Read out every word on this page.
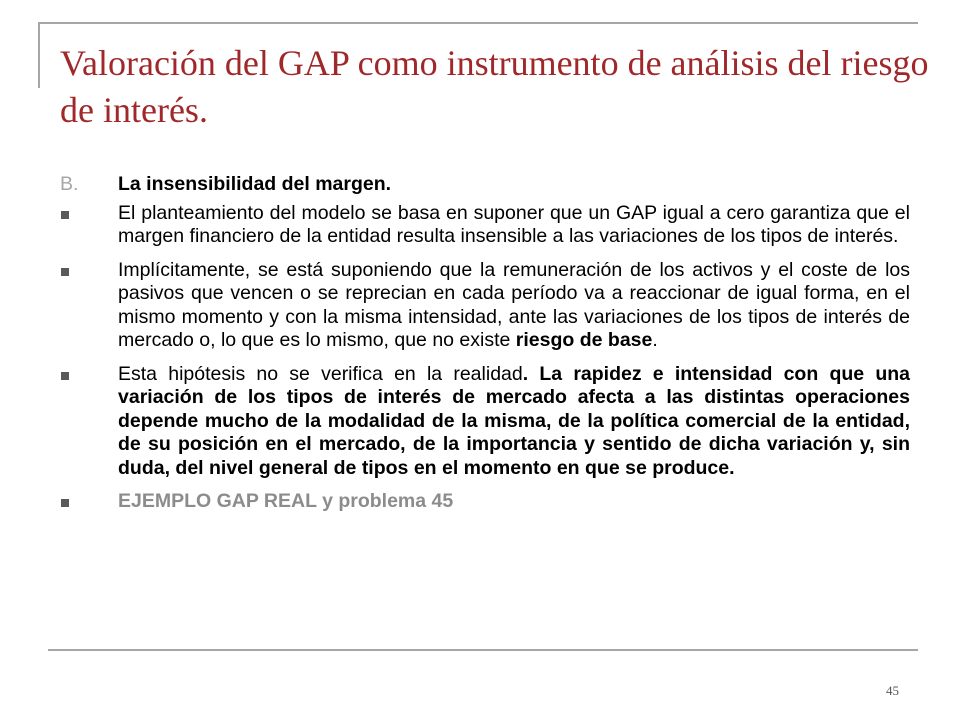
Valoración del GAP como instrumento de análisis del riesgo de interés.
B. La insensibilidad del margen.
El planteamiento del modelo se basa en suponer que un GAP igual a cero garantiza que el margen financiero de la entidad resulta insensible a las variaciones de los tipos de interés.
Implícitamente, se está suponiendo que la remuneración de los activos y el coste de los pasivos que vencen o se reprecian en cada período va a reaccionar de igual forma, en el mismo momento y con la misma intensidad, ante las variaciones de los tipos de interés de mercado o, lo que es lo mismo, que no existe riesgo de base.
Esta hipótesis no se verifica en la realidad. La rapidez e intensidad con que una variación de los tipos de interés de mercado afecta a las distintas operaciones depende mucho de la modalidad de la misma, de la política comercial de la entidad, de su posición en el mercado, de la importancia y sentido de dicha variación y, sin duda, del nivel general de tipos en el momento en que se produce.
EJEMPLO GAP REAL y problema 45
45
